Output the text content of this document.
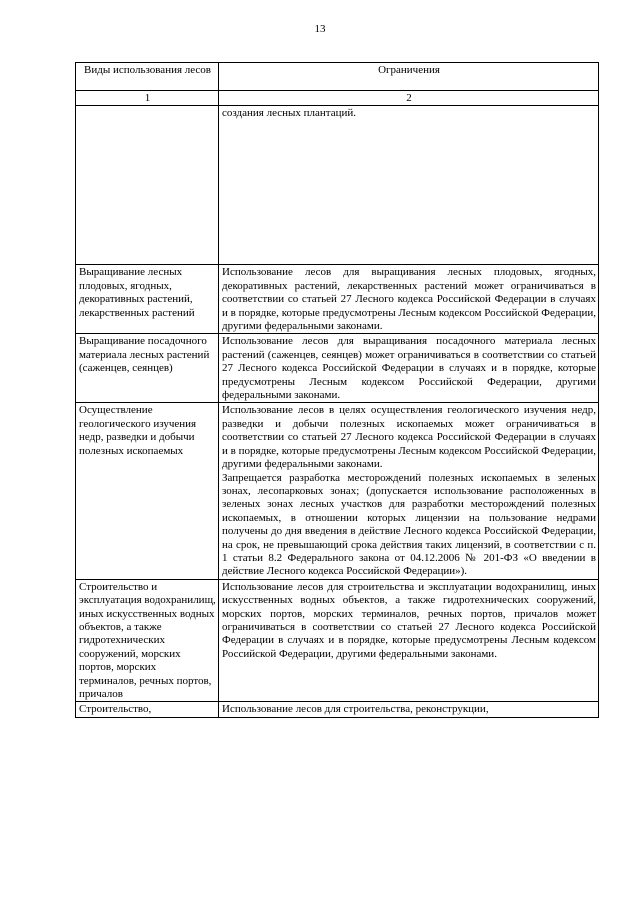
13
Виды использования лесов	Ограничения
1	2

	создания лесных плантаций.

Выращивание лесных плодовых, ягодных, декоративных растений, лекарственных растений	Использование лесов для выращивания лесных плодовых, ягодных, декоративных растений, лекарственных растений может ограничиваться в соответствии со статьей 27 Лесного кодекса Российской Федерации в случаях и в порядке, которые предусмотрены Лесным кодексом Российской Федерации, другими федеральными законами.

Выращивание посадочного материала лесных растений (саженцев, сеянцев)	Использование лесов для выращивания посадочного материала лесных растений (саженцев, сеянцев) может ограничиваться в соответствии со статьей 27 Лесного кодекса Российской Федерации в случаях и в порядке, которые предусмотрены Лесным кодексом Российской Федерации, другими федеральными законами.

Осуществление геологического изучения недр, разведки и добычи полезных ископаемых	Использование лесов в целях осуществления геологического изучения недр, разведки и добычи полезных ископаемых может ограничиваться в соответствии со статьей 27 Лесного кодекса Российской Федерации в случаях и в порядке, которые предусмотрены Лесным кодексом Российской Федерации, другими федеральными законами.

Запрещается разработка месторождений полезных ископаемых в зеленых зонах, лесопарковых зонах; (допускается использование расположенных в зеленых зонах лесных участков для разработки месторождений полезных ископаемых, в отношении которых лицензии на пользование недрами получены до дня введения в действие Лесного кодекса Российской Федерации, на срок, не превышающий срока действия таких лицензий, в соответствии с п. 1 статьи 8.2 Федерального закона от 04.12.2006 № 201-ФЗ «О введении в действие Лесного кодекса Российской Федерации»).

Строительство и эксплуатация водохранилищ, иных искусственных водных объектов, а также гидротехнических сооружений, морских портов, морских терминалов, речных портов, причалов	Использование лесов для строительства и эксплуатации водохранилищ, иных искусственных водных объектов, а также гидротехнических сооружений, морских портов, морских терминалов, речных портов, причалов может ограничиваться в соответствии со статьей 27 Лесного кодекса Российской Федерации в случаях и в порядке, которые предусмотрены Лесным кодексом Российской Федерации, другими федеральными законами.

Строительство,	Использование лесов для строительства, реконструкции,
